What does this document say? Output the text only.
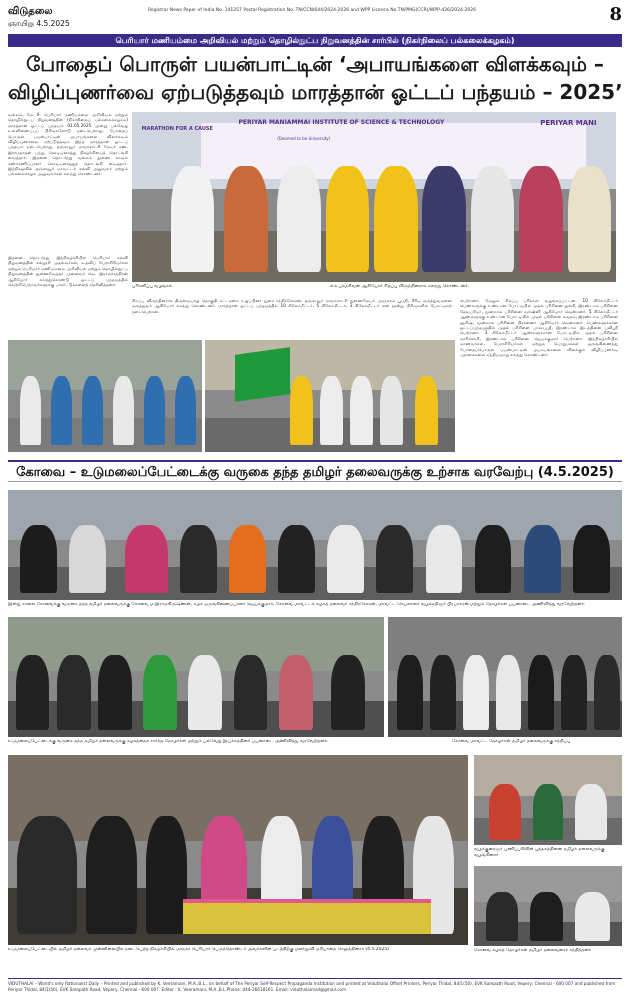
விடுதலை
ஞாயிறு 4.5.2025
Registrar News Paper of India No. 141257 Postal Registration No. TN/CCN/644/2024-2026 and WPP Licence No TN/PMG(CCR)/WPP-426/2024-2026	8
பெரியார் மணியம்மை அறிவியல் மற்றும் தொழில்நுட்ப நிறுவனத்தின் சார்பில் (நிகர்நிலைப் பல்கலைக்கழகம்)
போதைப் பொருள் பயன்பாட்டின் ‘அபாயங்களை விளக்கவும் –
விழிப்புணர்வை ஏற்படுத்தவும் மாரத்தான் ஓட்டப் பந்தயம் – 2025’
வல்லம், மே 4- பெரியார் மணியம்மை அறிவியல் மற்றும் தொழில்நுட்ப நிறுவனத்தின் (நிகர்நிலைப் பல்கலைக்கழகம்) மாரத்தான் ஓட்டப் பந்தயம் 01.05.2025 அன்று பல்வேறு உள்ளிணைப்புப் பிரிவுகளோடு நடைபெற்றது. போதைப் பொருள் பயன்பாட்டின் அபாயங்களை விளக்கவும் விழிப்புணர்வை ஏற்படுத்தவும் இந்த மாரத்தான் ஓட்டப் பந்தயம் நடைபெற்றது. தஞ்சாவூர் மாநகராட்சி மேயர் சண். இராமநாதன் பந்து கொடியசைத்து நிகழ்ச்சியைத் தொடங்கி வைத்தார். இதனை தொடர்ந்து வல்லம் துணை காவல் கண்காணிப்பாளர் கொடியசைத்துத் தொடங்கி வைத்தார். இந்நிகழ்வில் தஞ்சாவூர் மாவட்டக் கல்வி அலுவலர் மற்றும் பல்கலைக்கழக அலுவலர்கள் கலந்து கொண்டனர்.
இதனை தொடர்ந்து இந்நிகழ்ச்சியில் பெரியார் கல்வி நிறுவனத்தின் கல்லூரி முதல்வர்கள், உதவிப் பேராசிரியர்கள் மற்றும் பெரியார் மணியம்மை அறிவியல் மற்றும் தொழில்நுட்ப நிறுவனத்தின் துணைவேந்தர் முனைவர் வெ. இராமச்சந்திரன் ஆகியோர் கலந்துகொண்டு ஓட்டப் பந்தயத்தில் வெற்றிபெற்றவர்களுக்கு பாராட்டுக்களைத் தெரிவித்தனர்.
PERIYAR MANIAMMAI INSTITUTE OF SCIENCE & TECHNOLOGY
(Deemed to be University)
PERIYAR MANI
MARATHON FOR A CAUSE
பரிசளிப்பு வழங்கல்	எம்.பரமசிவன் ஆகியோர் சிறப்பு விருந்தினராக கலந்து கொண்டனர்.
சிறப்பு விருந்தினராக திருவையாறு தொகுதி சட்டமன்ற உறுப்பினர் துரை சந்திரசேகரன், தஞ்சாவூர் மாநகராட்சி துணைமேயர் அஞ்சுகம் பூபதி, கீரிடி மருத்துவமனை மருத்துவர் ஆகியோர் கலந்து கொண்டனர். மாரத்தான் ஓட்டப் பந்தயத்தில் 10 கிலோமீட்டர், 5 கிலோமீட்டர், 3 கிலோமீட்டர் என மூன்று பிரிவுகளில் போட்டிகள் நடைபெற்றன.
பெற்றனர். மேலும் சிறப்பு பரிசுகள் வழங்கப்பட்டன. 10 கிலோமீட்டர் பெண்களுக்கு உண்டான போட்டியில் முதல் பரிசினை துளசி, இரண்டாம் பரிசினை தேவப்ரியா, மூன்றாம் பரிசினை வர்ஷினி ஆகியோர் வென்றனர். 5 கிலோமீட்டர் ஆண்களுக்கு உண்டான போட்டியில் முதல் பரிசினை கவுதம், இரண்டாம் பரிசினை ஹரிஷ், மூன்றாம் பரிசினை பிரசன்னா ஆகியோர் வென்றனர். பெண்களுக்கான ஓட்டப்பந்தயத்தில் முதல் பரிசினை பாவ்யஸ்ரீ, இரண்டாம் இடத்தினை பவிஸ்ரீ பெற்றனர். 3 கிலோமீட்டர் ஆண்களுக்கான போட்டியில் முதல் பரிசினை மாரிச்சாமி, இரண்டாம் பரிசினை ஜெயக்குமார் பெற்றனர். இந்நிகழ்ச்சியில் மாணவர்கள், பேராசிரியர்கள் மற்றும் பொதுமக்கள் ஒருங்கிணைந்து போதைப்பொருள் பயன்பாட்டின் அபாயங்களை விளக்கும் விழிப்புணர்வு பதாகைகளை ஏந்தியவாறு கலந்து கொண்டனர்.
கோவை – உடுமலைப்பேட்டைக்கு வருகை தந்த தமிழர் தலைவருக்கு உற்சாக வரவேற்பு (4.5.2025)
இன்று காலை கோவைக்கு வருகை தந்த தமிழர் தலைவருக்கு கோவை ம.இராமகிருஷ்ணன், கழக ஒருங்கிணைப்பாளர் ஜெயக்குமார், கோவை மாவட்டக் கழகத் தலைவர் சந்திரசேகரன், மாவட்ட செயலாளர் வழக்கறிஞர் பிரபாகரன் மற்றும் தோழர்கள் பயனாடை அணிவித்து வரவேற்றனர்.
உடுமலைப்பேட்டைக்கு வருகை தந்த தமிழர் தலைவருக்கு கழகத்தைச் சார்ந்த தோழர்கள் மற்றும் பல்வேறு இயக்கத்தினர் பயனாடை அணிவித்து வரவேற்றனர்.	கோவை மாவட்ட தோழர்கள் தமிழர் தலைவருக்கு சந்திப்பு
உடுமலைப்பேட்டையில் தமிழர் தலைவர் முன்னிலையில் நடைபெற்ற நிகழ்ச்சியில் மாநகர பெரியார் பெருந்தொண்டர் அவர்களின் படத்திற்கு மலர்தூவி மரியாதை செலுத்தினார் (4.5.2025)
வழக்குரைஞர் பணிப்பரிவின் புத்தகத்தினை தமிழர் தலைவருக்கு வழங்கினார்
கோவை கழகத் தோழர்கள் தமிழர் தலைவரைச் சந்தித்தனர்
VIDUTHALAI – World's only Rationalist Daily – Printed and published by K. Veeramani, M.A.,B.L., on behalf of The Periyar Self-Respect Propaganda Institution and printed at Viduthalai Offset Printers, Periyar Thidal, 84/1(50), EVK Sampath Road, Vepery, Chennai - 600 007 and published from
Periyar Thidal, 84/1(50), EVK Sampath Road, Vepery, Chennai - 600 007. Editor : K. Veeramani, M.A.,B.L.Phone: 044-26618161. Email: viduthalaimail@gmail.com
